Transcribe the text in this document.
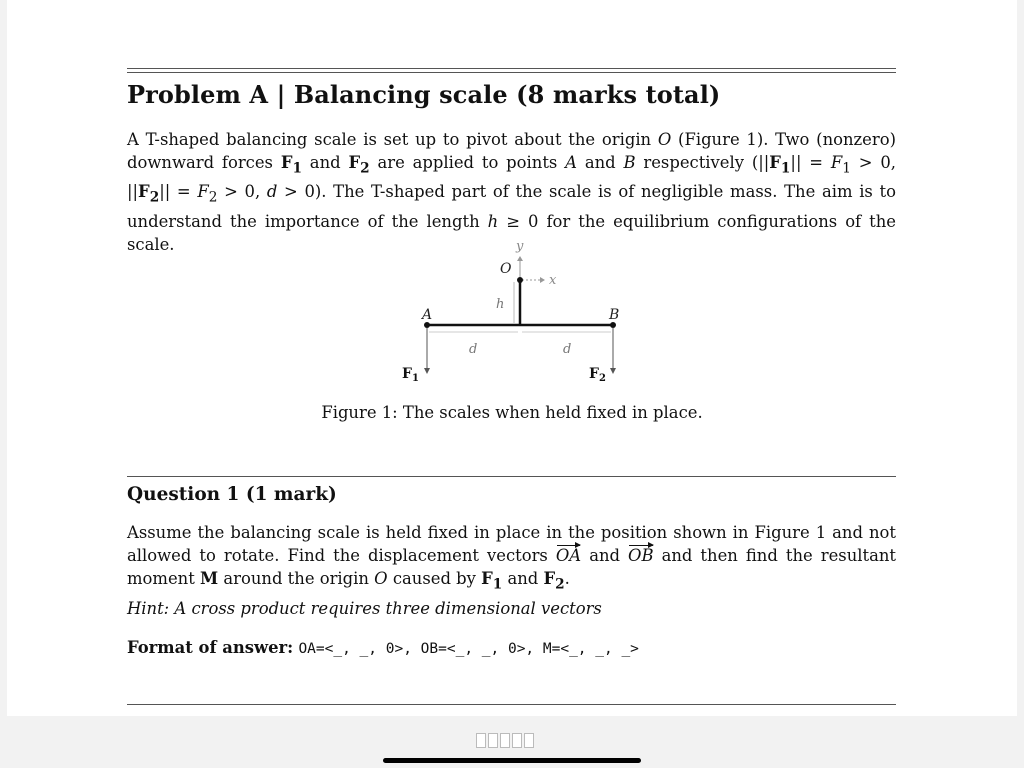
Problem A | Balancing scale (8 marks total)

A T-shaped balancing scale is set up to pivot about the origin O (Figure 1). Two (nonzero) downward forces $F_1$ and $F_2$ are applied to points A and B respectively ($||F_1|| = F_1 > 0$, $||F_2|| = F_2 > 0$, d > 0). The T-shaped part of the scale is of negligible mass. The aim is to understand the importance of the length h ≥ 0 for the equilibrium configurations of the scale.	y
x
O
h
A	B
d	d
$F_1$	$F_2$

Figure 1: The scales when held fixed in place.

Question 1 (1 mark)

Assume the balancing scale is held fixed in place in the position shown in Figure 1 and not allowed to rotate. Find the displacement vectors OA and OB and then find the resultant moment M around the origin O caused by $F_1$ and $F_2$.

Hint: A cross product requires three dimensional vectors

Format of answer: OA=<_, _, 0>, OB=<_, _, 0>, M=<_, _, _>
